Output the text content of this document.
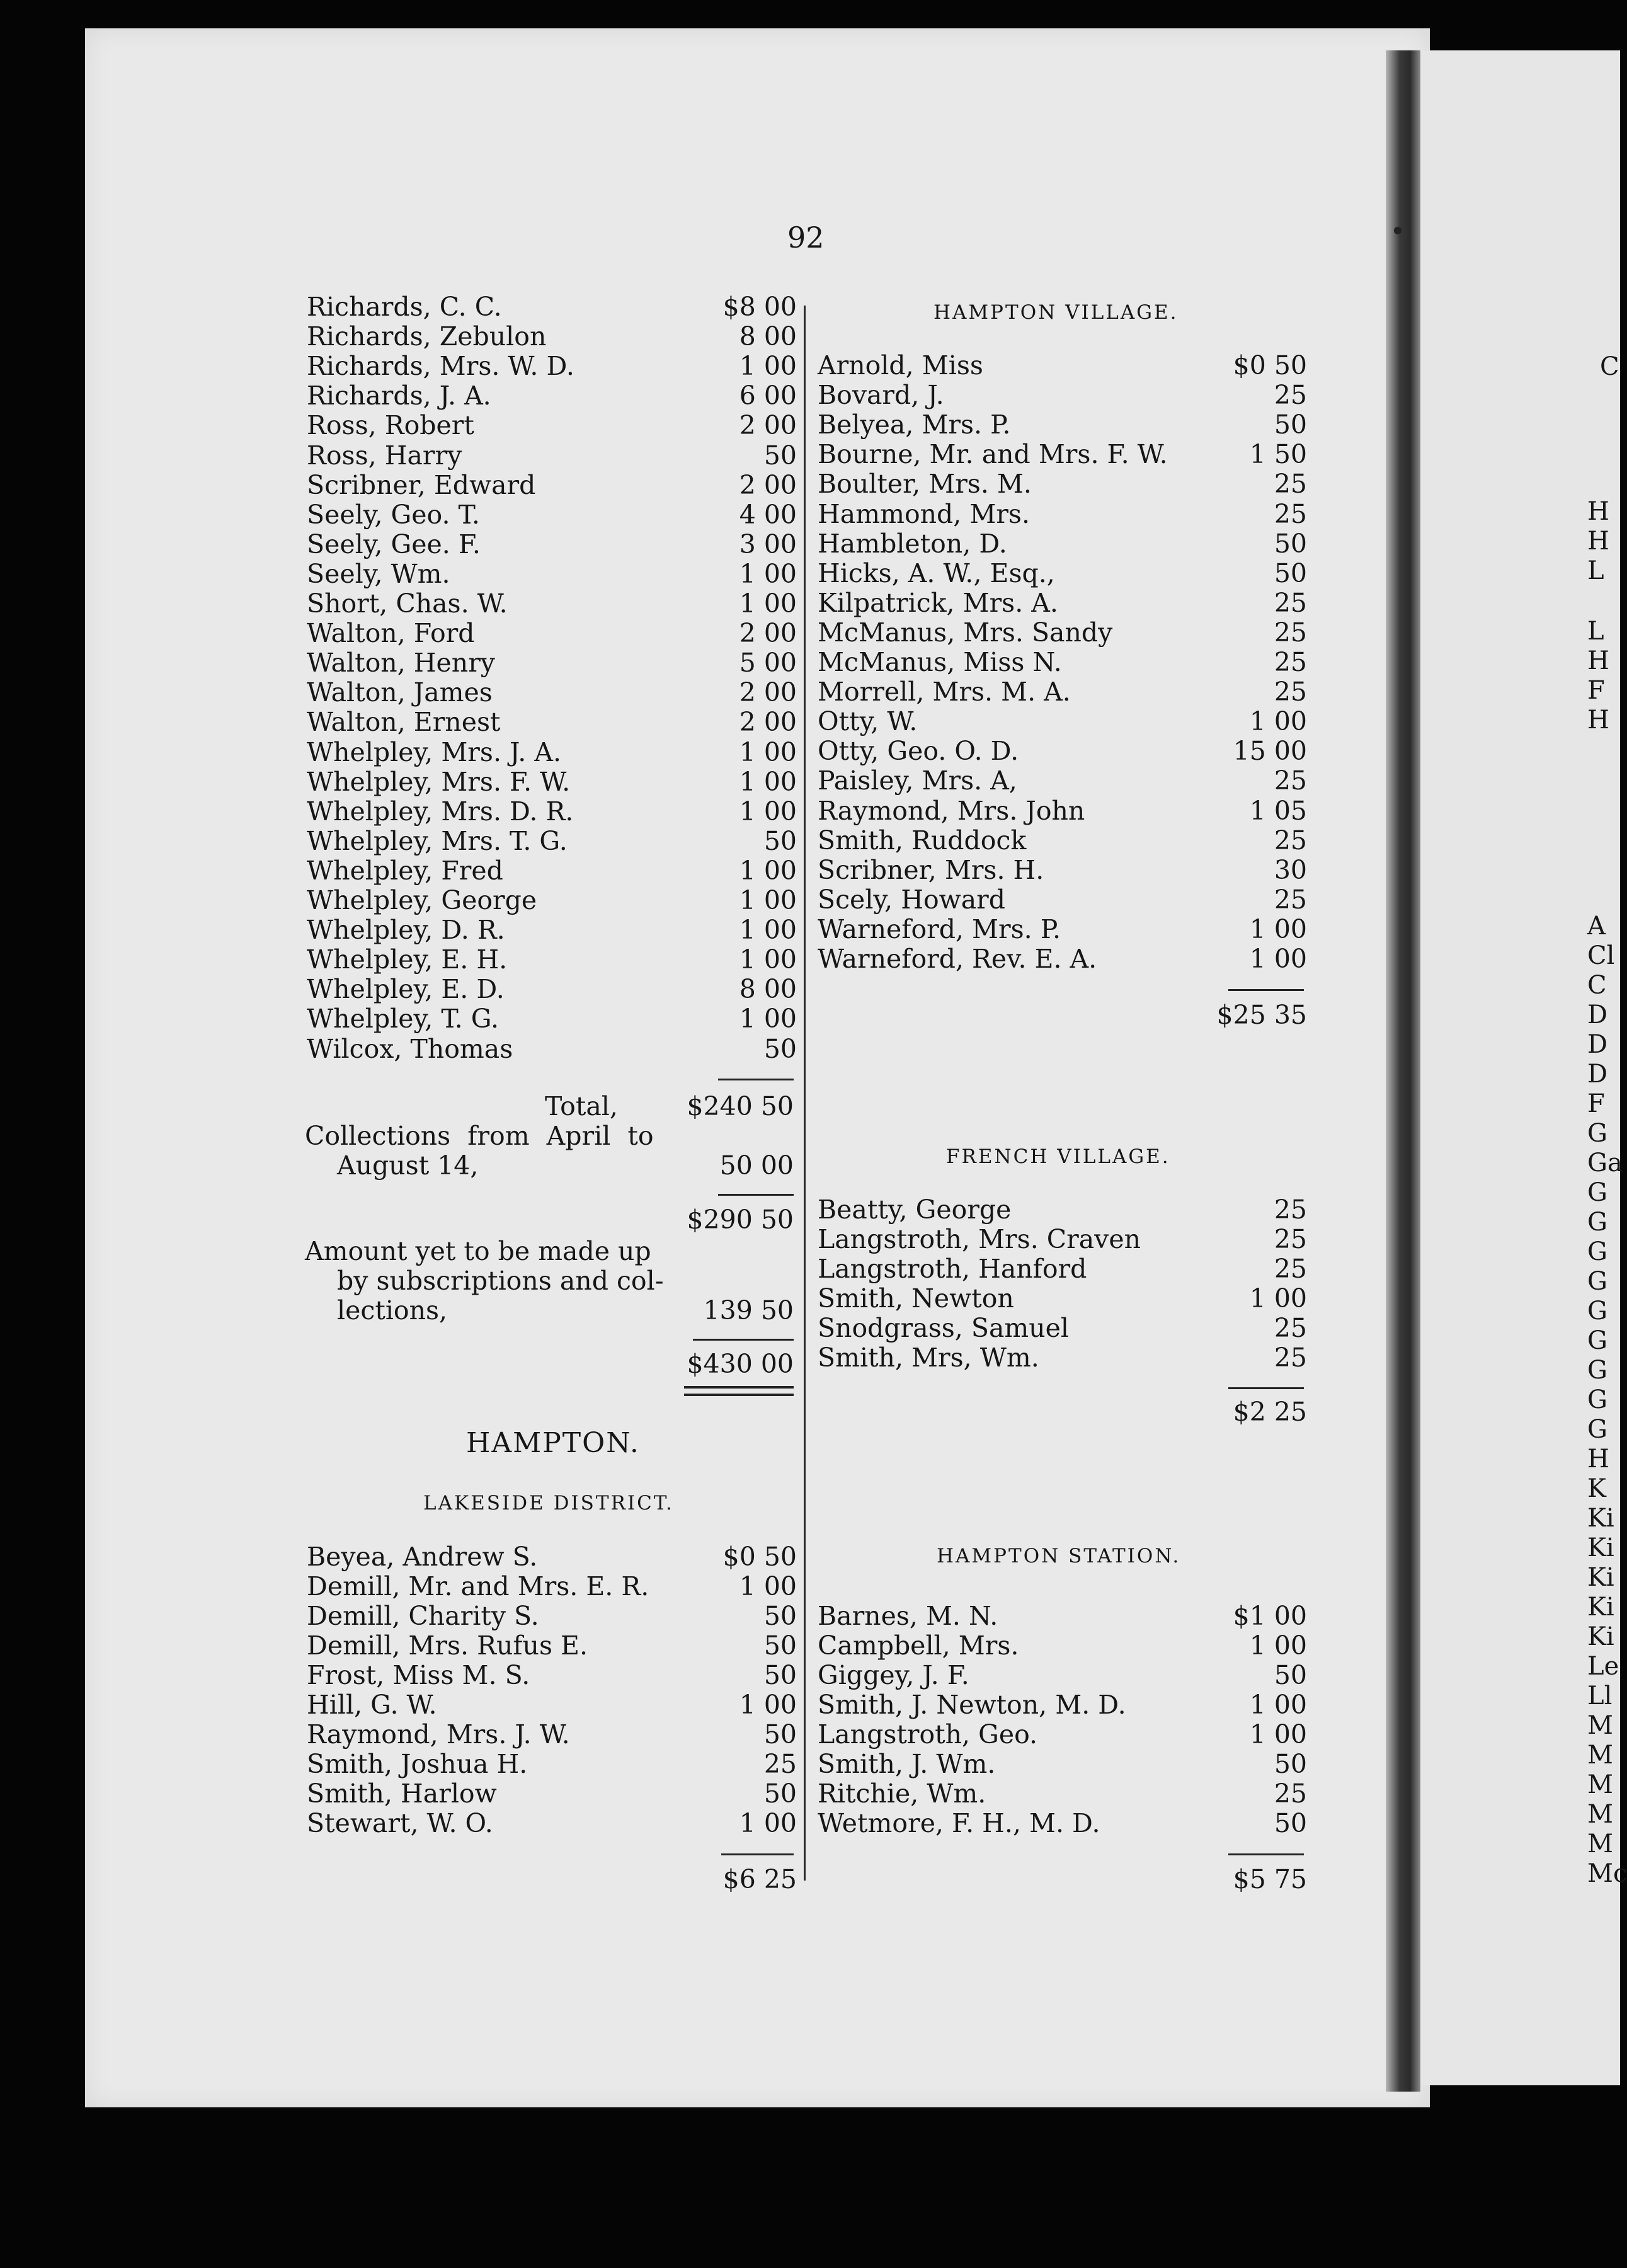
92
Richards, C. C.	$8 00
Richards, Zebulon	8 00
Richards, Mrs. W. D.	1 00
Richards, J. A.	6 00
Ross, Robert	2 00
Ross, Harry	50
Scribner, Edward	2 00
Seely, Geo. T.	4 00
Seely, Gee. F.	3 00
Seely, Wm.	1 00
Short, Chas. W.	1 00
Walton, Ford	2 00
Walton, Henry	5 00
Walton, James	2 00
Walton, Ernest	2 00
Whelpley, Mrs. J. A.	1 00
Whelpley, Mrs. F. W.	1 00
Whelpley, Mrs. D. R.	1 00
Whelpley, Mrs. T. G.	50
Whelpley, Fred	1 00
Whelpley, George	1 00
Whelpley, D. R.	1 00
Whelpley, E. H.	1 00
Whelpley, E. D.	8 00
Whelpley, T. G.	1 00
Wilcox, Thomas	50
Total,	$240 50
Collections from April to
August 14,	50 00
$290 50
Amount yet to be made up
by subscriptions and col-
lections,	139 50
$430 00
HAMPTON.
LAKESIDE DISTRICT.
Beyea, Andrew S.	$0 50
Demill, Mr. and Mrs. E. R.	1 00
Demill, Charity S.	50
Demill, Mrs. Rufus E.	50
Frost, Miss M. S.	50
Hill, G. W.	1 00
Raymond, Mrs. J. W.	50
Smith, Joshua H.	25
Smith, Harlow	50
Stewart, W. O.	1 00
$6 25
HAMPTON VILLAGE.
Arnold, Miss	$0 50
Bovard, J.	25
Belyea, Mrs. P.	50
Bourne, Mr. and Mrs. F. W.	1 50
Boulter, Mrs. M.	25
Hammond, Mrs.	25
Hambleton, D.	50
Hicks, A. W., Esq.,	50
Kilpatrick, Mrs. A.	25
McManus, Mrs. Sandy	25
McManus, Miss N.	25
Morrell, Mrs. M. A.	25
Otty, W.	1 00
Otty, Geo. O. D.	15 00
Paisley, Mrs. A,	25
Raymond, Mrs. John	1 05
Smith, Ruddock	25
Scribner, Mrs. H.	30
Scely, Howard	25
Warneford, Mrs. P.	1 00
Warneford, Rev. E. A.	1 00
$25 35
FRENCH VILLAGE.
Beatty, George	25
Langstroth, Mrs. Craven	25
Langstroth, Hanford	25
Smith, Newton	1 00
Snodgrass, Samuel	25
Smith, Mrs, Wm.	25
$2 25
HAMPTON STATION.
Barnes, M. N.	$1 00
Campbell, Mrs.	1 00
Giggey, J. F.	50
Smith, J. Newton, M. D.	1 00
Langstroth, Geo.	1 00
Smith, J. Wm.	50
Ritchie, Wm.	25
Wetmore, F. H., M. D.	50
$5 75
C
H
H
L
L
H
F
H
A
Cl
C
D
D
D
F
G
Ga
G
G
G
G
G
G
G
G
G
H
K
Ki
Ki
Ki
Ki
Ki
Le
Ll
M
M
M
M
M
Mc
